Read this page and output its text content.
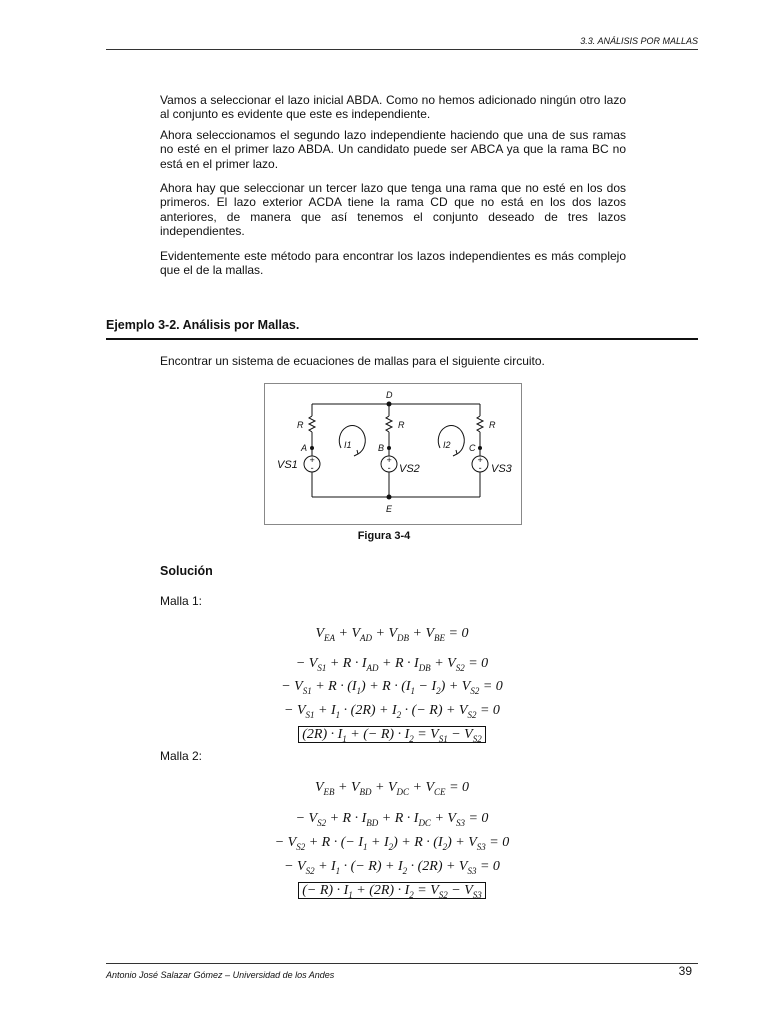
3.3. ANÁLISIS POR MALLAS

Vamos a seleccionar el lazo inicial ABDA. Como no hemos adicionado ningún otro lazo al conjunto es evidente que este es independiente.

Ahora seleccionamos el segundo lazo independiente haciendo que una de sus ramas no esté en el primer lazo ABDA. Un candidato puede ser ABCA ya que la rama BC no está en el primer lazo.

Ahora hay que seleccionar un tercer lazo que tenga una rama que no esté en los dos primeros. El lazo exterior ACDA tiene la rama CD que no está en los dos lazos anteriores, de manera que así tenemos el conjunto deseado de tres lazos independientes.

Evidentemente este método para encontrar los lazos independientes es más complejo que el de la mallas.

Ejemplo 3-2. Análisis por Mallas.
Encontrar un sistema de ecuaciones de mallas para el siguiente circuito.
+
-
+
-
+
-
D
E
A	B	C
R	R	R
I1	I2
VS1	VS2	VS3
Figura 3-4
Solución
Malla 1:
$V_{EA} + V_{AD} + V_{DB} + V_{BE} = 0$
− $V_{S1} + R \cdot I_{AD} + R \cdot I_{DB} + V_{S2} = 0$
− $V_{S1} + R \cdot (I_1) + R \cdot (I_1 - I_2) + V_{S2} = 0$
− $V_{S1} + I_1 \cdot (2R) + I_2$ · (− $R) + V_{S2} = 0$
$(2R) \cdot I_1$ + (− $R) \cdot I_2 = V_{S1} - V_{S2}$
Malla 2:
$V_{EB} + V_{BD} + V_{DC} + V_{CE} = 0$
− $V_{S2} + R \cdot I_{BD} + R \cdot I_{DC} + V_{S3} = 0$
− $V_{S2} + R$ · (− $I_1 + I_2) + R \cdot (I_2) + V_{S3} = 0$
− $V_{S2} + I_1$ · (− $R) + I_2 \cdot (2R) + V_{S3} = 0$
(− $R) \cdot I_1 + (2R) \cdot I_2 = V_{S2} - V_{S3}$
Antonio José Salazar Gómez – Universidad de los Andes	39
